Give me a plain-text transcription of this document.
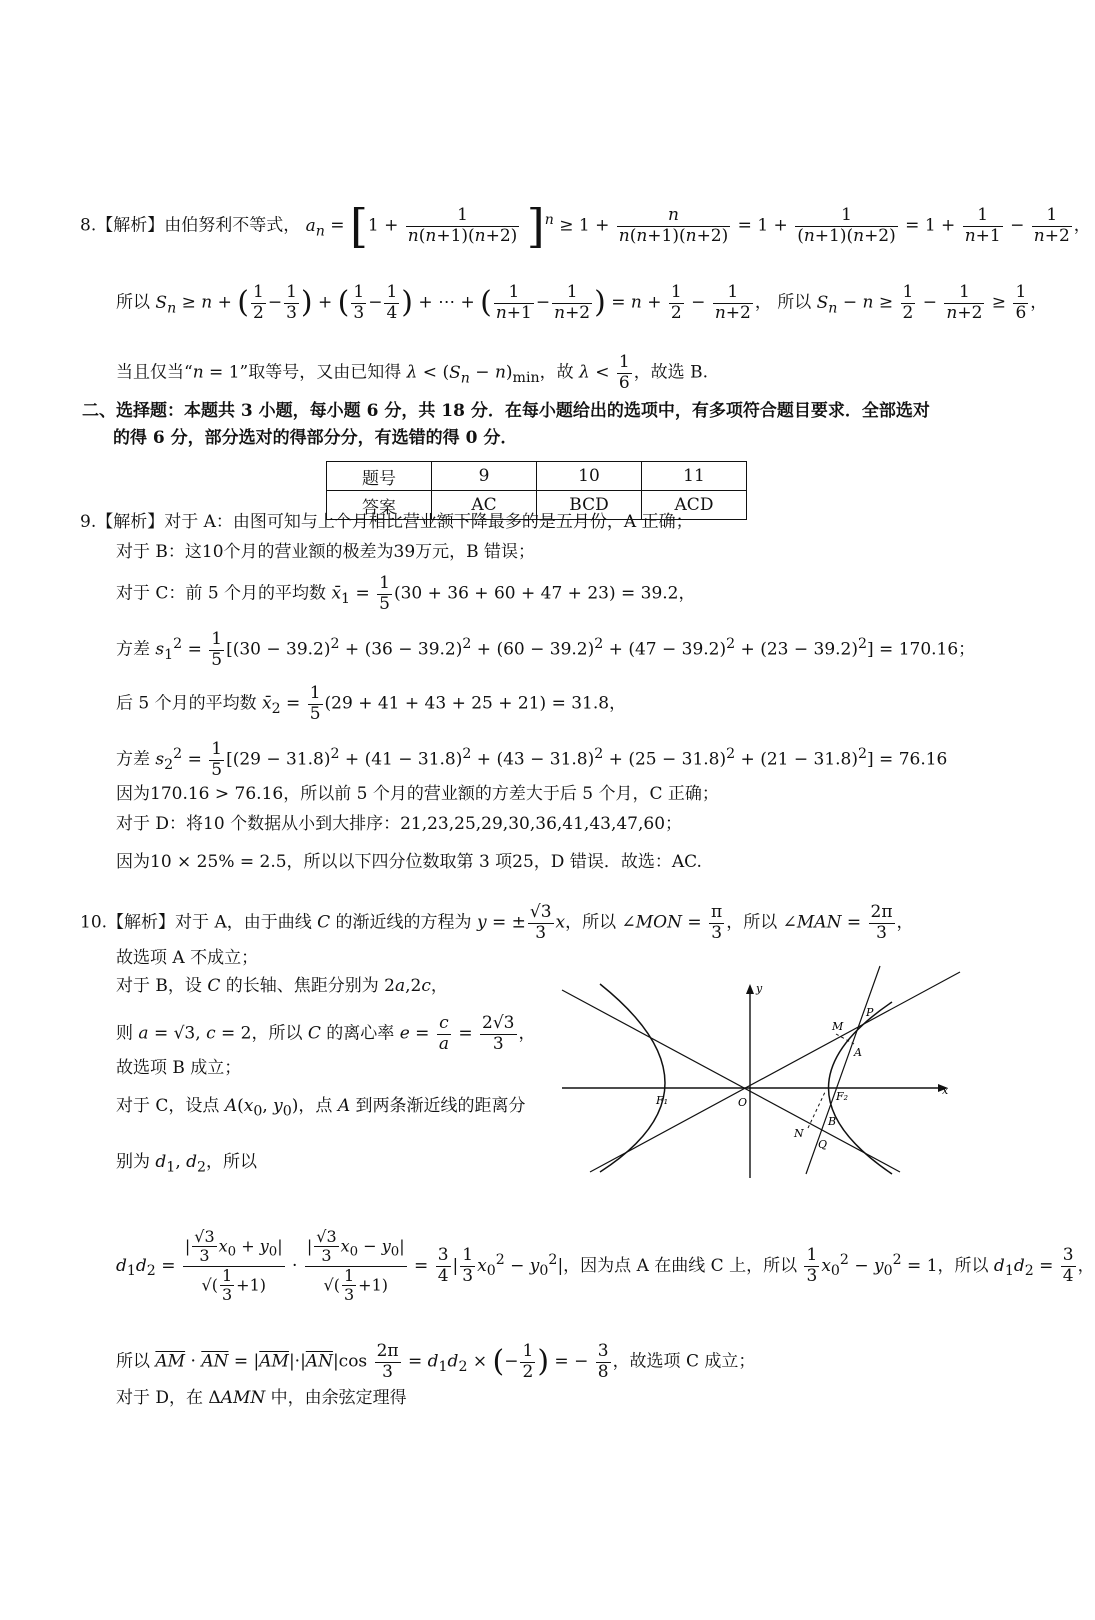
8.【解析】由伯努利不等式， $a_n = [1 + \frac{1}{n(n+1)(n+2)} ]^n \ge 1 + \frac{n}{n(n+1)(n+2)} = 1 + \frac{1}{(n+1)(n+2)} = 1 + \frac{1}{n+1} - \frac{1}{n+2}$ ，
所以 $S_n \ge n$ + ( $\frac{1}{2} - \frac{1}{3}$ ) + ( $\frac{1}{3} - \frac{1}{4}$ ) + ⋯ + ( $\frac{1}{n+1} - \frac{1}{n+2}$ ) = $n + \frac{1}{2} - \frac{1}{n+2}$ ， 所以 $S_n - n \ge \frac{1}{2} - \frac{1}{n+2} \ge \frac{1}{6}$ ，
当且仅当“n = 1”取等号，又由已知得 $\lambda < (S_n - n)_{min}$，故 $\lambda < \frac{1}{6}$ ，故选 B.
二、选择题：本题共 3 小题，每小题 6 分，共 18 分．在每小题给出的选项中，有多项符合题目要求．全部选对
的得 6 分，部分选对的得部分分，有选错的得 0 分．
题号	9	10	11
答案	AC	BCD	ACD
9.【解析】对于 A：由图可知与上个月相比营业额下降最多的是五月份，A 正确；
对于 B：这10个月的营业额的极差为39万元，B 错误；
对于 C：前 5 个月的平均数 $x̄_1 = \frac{1}{5} (30 + 36 + 60 + 47 + 23) = 39.2$，
方差 $s_1^2 = \frac{1}{5} [(30 - 39.2)^2 + (36 - 39.2)^2 + (60 - 39.2)^2 + (47 - 39.2)^2 + (23 - 39.2)^2] = 170.16$；
后 5 个月的平均数 $x̄_2 = \frac{1}{5} (29 + 41 + 43 + 25 + 21) = 31.8$，
方差 $s_2^2 = \frac{1}{5} [(29 - 31.8)^2 + (41 - 31.8)^2 + (43 - 31.8)^2 + (25 - 31.8)^2 + (21 - 31.8)^2] = 76.16$
因为170.16 > 76.16，所以前 5 个月的营业额的方差大于后 5 个月，C 正确；
对于 D：将10 个数据从小到大排序：21,23,25,29,30,36,41,43,47,60；
因为10 × 25% = 2.5，所以以下四分位数取第 3 项25，D 错误．故选：AC.
10.【解析】对于 A，由于曲线 C 的渐近线的方程为 y = ± $\frac{√3}{3}$ x，所以 ∠MON = $\frac{\pi}{3}$ ，所以 ∠MAN = $\frac{2\pi}{3}$ ，
故选项 A 不成立；
对于 B，设 C 的长轴、焦距分别为 2a,2c，
则 a = √3, c = 2，所以 C 的离心率 $e = \frac{c}{a} = \frac{2√3}{3}$ ，
故选项 B 成立；
对于 C，设点 $A(x_0$, $y_0$)，点 A 到两条渐近线的距离分
别为 $d_1$, $d_2$，所以
$d_1d_2 = \frac{| \frac{√3}{3} x_0 + y_0|}{√( \frac{1}{3} +1)} \cdot \frac{| \frac{√3}{3} x_0 - y_0|}{√( \frac{1}{3} +1)} = \frac{3}{4}$ | $\frac{1}{3} x_0^2 - y_0^2|$，因为点 A 在曲线 C 上，所以 $\frac{1}{3} x_0^2 - y_0^2 = 1$，所以 $d_1d_2 = \frac{3}{4}$ ，
所以 $\overline{AM} \cdot \overline{AN} = |\overline{AM}|\cdot|\overline{AN}|\cos \frac{2\pi}{3} = d_1d_2$ × (− $\frac{1}{2}$ ) = − $\frac{3}{8}$ ，故选项 C 成立；
对于 D，在 ΔAMN 中，由余弦定理得
y
x
O
F₁	F₂
M
P
A
N
B
Q
